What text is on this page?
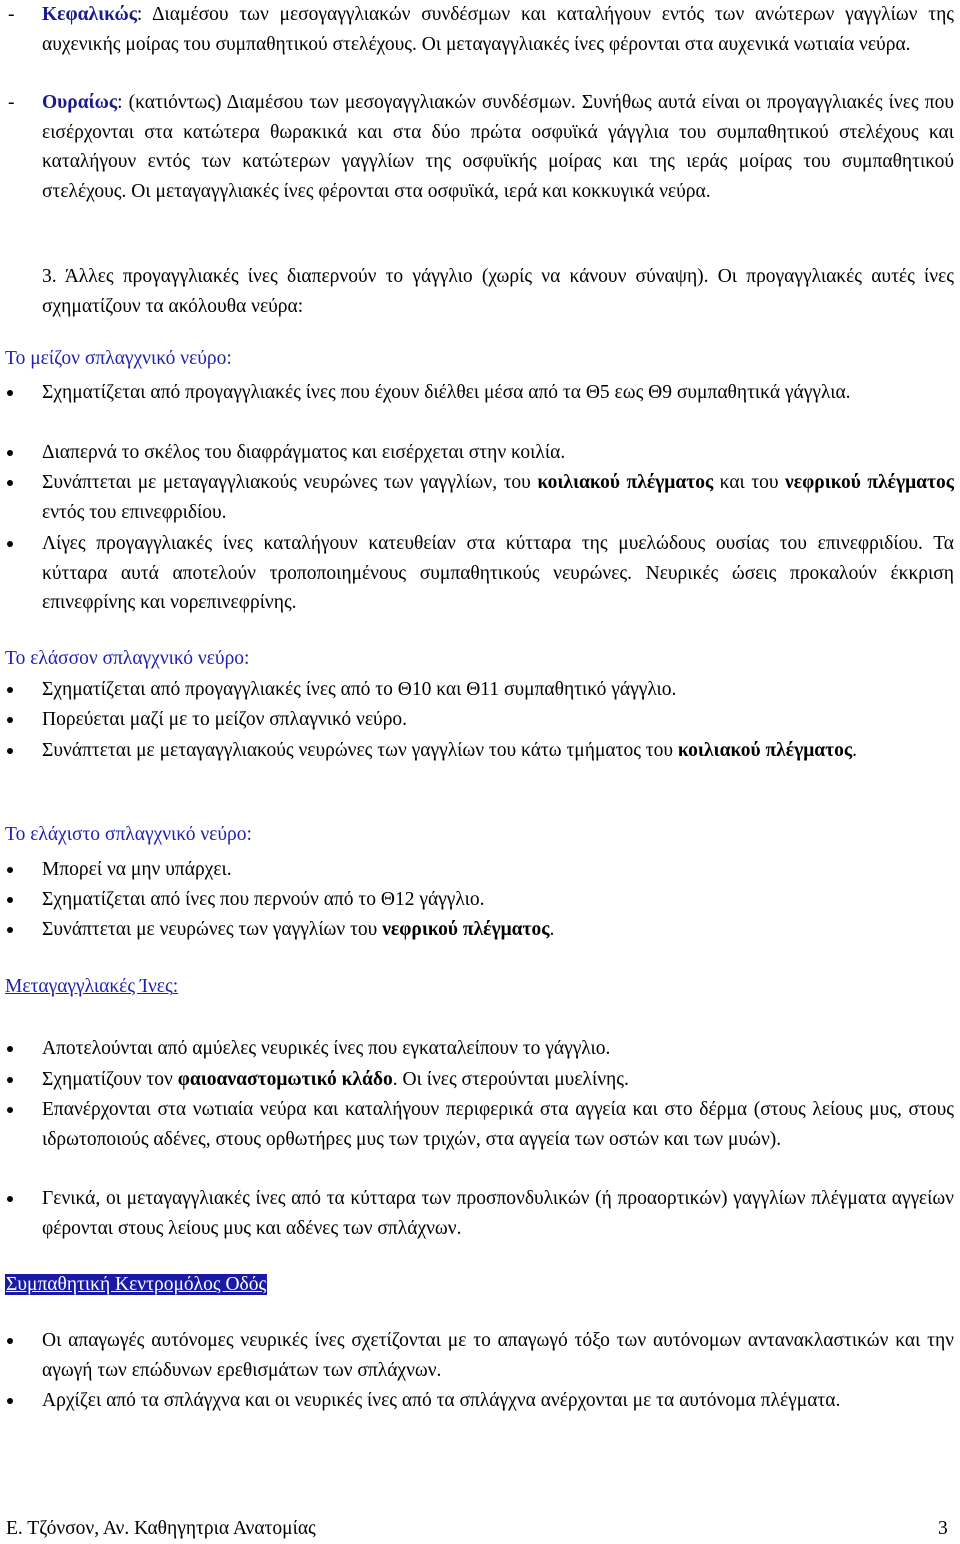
- Κεφαλικώς: Διαμέσου των μεσογαγγλιακών συνδέσμων και καταλήγουν εντός των ανώτερων γαγγλίων της αυχενικής μοίρας του συμπαθητικού στελέχους. Οι μεταγαγγλιακές ίνες φέρονται στα αυχενικά νωτιαία νεύρα.
- Ουραίως: (κατιόντως) Διαμέσου των μεσογαγγλιακών συνδέσμων. Συνήθως αυτά είναι οι προγαγγλιακές ίνες που εισέρχονται στα κατώτερα θωρακικά και στα δύο πρώτα οσφυϊκά γάγγλια του συμπαθητικού στελέχους και καταλήγουν εντός των κατώτερων γαγγλίων της οσφυϊκής μοίρας και της ιεράς μοίρας του συμπαθητικού στελέχους. Οι μεταγαγγλιακές ίνες φέρονται στα οσφυϊκά, ιερά και κοκκυγικά νεύρα.
3. Άλλες προγαγγλιακές ίνες διαπερνούν το γάγγλιο (χωρίς να κάνουν σύναψη). Οι προγαγγλιακές αυτές ίνες σχηματίζουν τα ακόλουθα νεύρα:
Το μείζον σπλαγχνικό νεύρο:
Σχηματίζεται από προγαγγλιακές ίνες που έχουν διέλθει μέσα από τα Θ5 εως Θ9 συμπαθητικά γάγγλια.
Διαπερνά το σκέλος του διαφράγματος και εισέρχεται στην κοιλία.
Συνάπτεται με μεταγαγγλιακούς νευρώνες των γαγγλίων, του κοιλιακού πλέγματος και του νεφρικού πλέγματος εντός του επινεφριδίου.
Λίγες προγαγγλιακές ίνες καταλήγουν κατευθείαν στα κύτταρα της μυελώδους ουσίας του επινεφριδίου. Τα κύτταρα αυτά αποτελούν τροποποιημένους συμπαθητικούς νευρώνες. Νευρικές ώσεις προκαλούν έκκριση επινεφρίνης και νορεπινεφρίνης.
Το ελάσσον σπλαγχνικό νεύρο:
Σχηματίζεται από προγαγγλιακές ίνες από το Θ10 και Θ11 συμπαθητικό γάγγλιο.
Πορεύεται μαζί με το μείζον σπλαγνικό νεύρο.
Συνάπτεται με μεταγαγγλιακούς νευρώνες των γαγγλίων του κάτω τμήματος του κοιλιακού πλέγματος.
Το ελάχιστο σπλαγχνικό νεύρο:
Μπορεί να μην υπάρχει.
Σχηματίζεται από ίνες που περνούν από το Θ12 γάγγλιο.
Συνάπτεται με νευρώνες των γαγγλίων του νεφρικού πλέγματος.
Μεταγαγγλιακές Ίνες:
Αποτελούνται από αμύελες νευρικές ίνες που εγκαταλείπουν το γάγγλιο.
Σχηματίζουν τον φαιοαναστομωτικό κλάδο. Οι ίνες στερούνται μυελίνης.
Επανέρχονται στα νωτιαία νεύρα και καταλήγουν περιφερικά στα αγγεία και στο δέρμα (στους λείους μυς, στους ιδρωτοποιούς αδένες, στους ορθωτήρες μυς των τριχών, στα αγγεία των οστών και των μυών).
Γενικά, οι μεταγαγγλιακές ίνες από τα κύτταρα των προσπονδυλικών (ή προαορτικών) γαγγλίων πλέγματα αγγείων φέρονται στους λείους μυς και αδένες των σπλάχνων.
Συμπαθητική Κεντρομόλος Οδός
Οι απαγωγές αυτόνομες νευρικές ίνες σχετίζονται με το απαγωγό τόξο των αυτόνομων αντανακλαστικών και την αγωγή των επώδυνων ερεθισμάτων των σπλάχνων.
Αρχίζει από τα σπλάγχνα και οι νευρικές ίνες από τα σπλάγχνα ανέρχονται με τα αυτόνομα πλέγματα.
Ε. Τζόνσον, Αν. Καθηγητρια Ανατομίας	3
